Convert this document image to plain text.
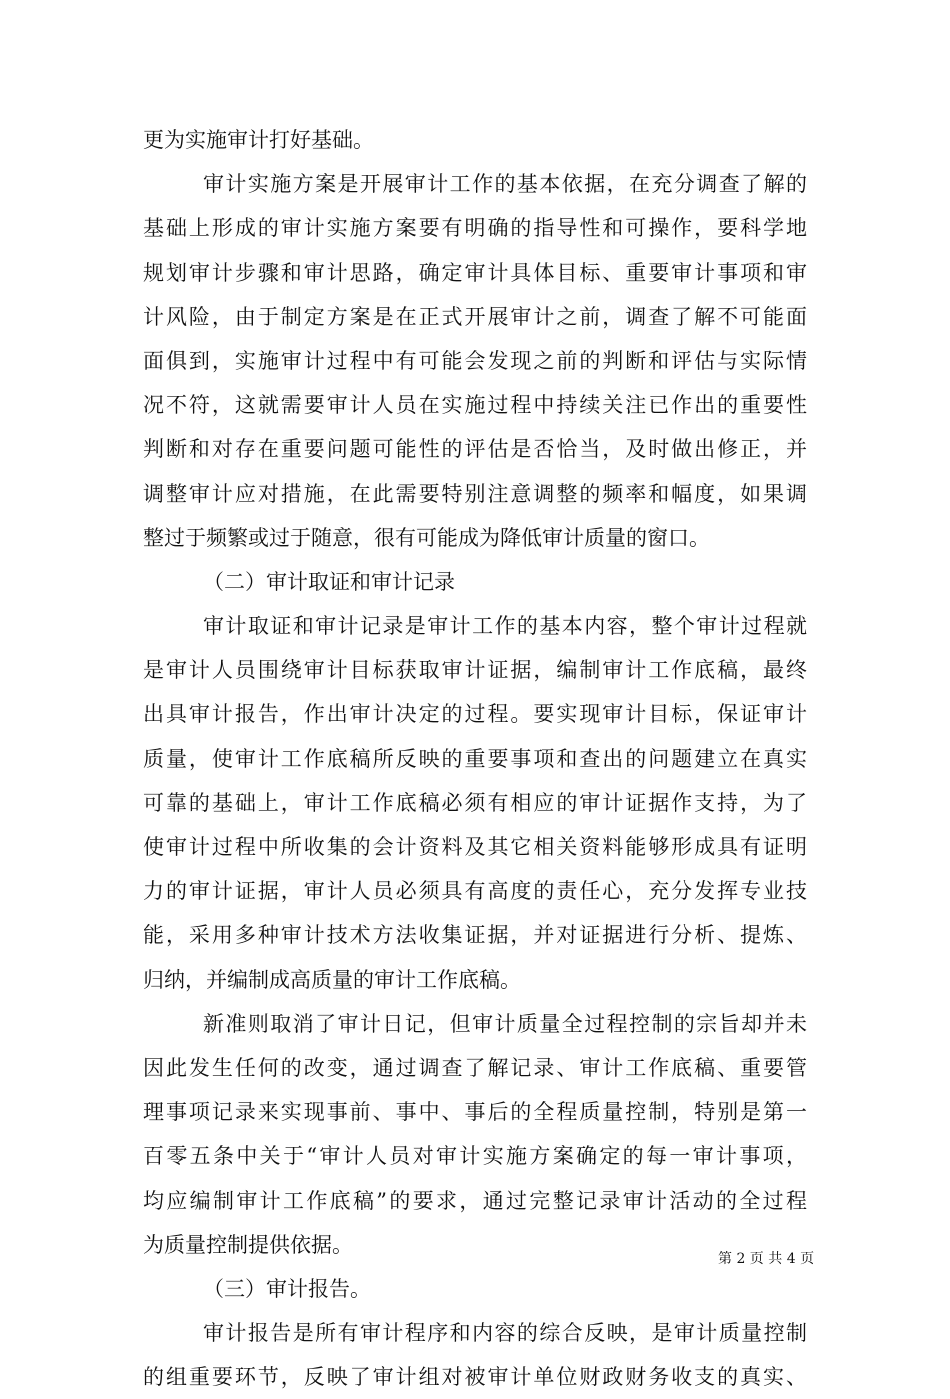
更为实施审计打好基础。
审计实施方案是开展审计工作的基本依据，在充分调查了解的
基础上形成的审计实施方案要有明确的指导性和可操作，要科学地
规划审计步骤和审计思路，确定审计具体目标、重要审计事项和审
计风险，由于制定方案是在正式开展审计之前，调查了解不可能面
面俱到，实施审计过程中有可能会发现之前的判断和评估与实际情
况不符，这就需要审计人员在实施过程中持续关注已作出的重要性
判断和对存在重要问题可能性的评估是否恰当，及时做出修正，并
调整审计应对措施，在此需要特别注意调整的频率和幅度，如果调
整过于频繁或过于随意，很有可能成为降低审计质量的窗口。
（二）审计取证和审计记录
审计取证和审计记录是审计工作的基本内容，整个审计过程就
是审计人员围绕审计目标获取审计证据，编制审计工作底稿，最终
出具审计报告，作出审计决定的过程。要实现审计目标，保证审计
质量，使审计工作底稿所反映的重要事项和查出的问题建立在真实
可靠的基础上，审计工作底稿必须有相应的审计证据作支持，为了
使审计过程中所收集的会计资料及其它相关资料能够形成具有证明
力的审计证据，审计人员必须具有高度的责任心，充分发挥专业技
能，采用多种审计技术方法收集证据，并对证据进行分析、提炼、
归纳，并编制成高质量的审计工作底稿。
新准则取消了审计日记，但审计质量全过程控制的宗旨却并未
因此发生任何的改变，通过调查了解记录、审计工作底稿、重要管
理事项记录来实现事前、事中、事后的全程质量控制，特别是第一
百零五条中关于“审计人员对审计实施方案确定的每一审计事项，
均应编制审计工作底稿”的要求，通过完整记录审计活动的全过程
为质量控制提供依据。
（三）审计报告。
审计报告是所有审计程序和内容的综合反映，是审计质量控制
的组重要环节，反映了审计组对被审计单位财政财务收支的真实、
第 2 页 共 4 页
